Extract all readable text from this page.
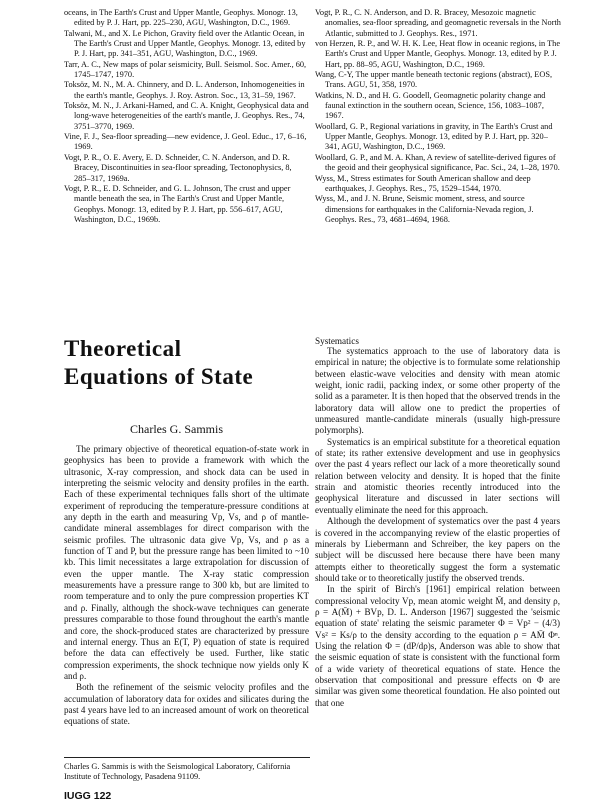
oceans, in The Earth's Crust and Upper Mantle, Geophys. Monogr. 13, edited by P. J. Hart, pp. 225–230, AGU, Washington, D.C., 1969.

Talwani, M., and X. Le Pichon, Gravity field over the Atlantic Ocean, in The Earth's Crust and Upper Mantle, Geophys. Monogr. 13, edited by P. J. Hart, pp. 341–351, AGU, Washington, D.C., 1969.

Tarr, A. C., New maps of polar seismicity, Bull. Seismol. Soc. Amer., 60, 1745–1747, 1970.

Toksöz, M. N., M. A. Chinnery, and D. L. Anderson, Inhomogeneities in the earth's mantle, Geophys. J. Roy. Astron. Soc., 13, 31–59, 1967.

Toksöz, M. N., J. Arkani-Hamed, and C. A. Knight, Geophysical data and long-wave heterogeneities of the earth's mantle, J. Geophys. Res., 74, 3751–3770, 1969.

Vine, F. J., Sea-floor spreading—new evidence, J. Geol. Educ., 17, 6–16, 1969.

Vogt, P. R., O. E. Avery, E. D. Schneider, C. N. Anderson, and D. R. Bracey, Discontinuities in sea-floor spreading, Tectonophysics, 8, 285–317, 1969a.

Vogt, P. R., E. D. Schneider, and G. L. Johnson, The crust and upper mantle beneath the sea, in The Earth's Crust and Upper Mantle, Geophys. Monogr. 13, edited by P. J. Hart, pp. 556–617, AGU, Washington, D.C., 1969b.

Vogt, P. R., C. N. Anderson, and D. R. Bracey, Mesozoic magnetic anomalies, sea-floor spreading, and geomagnetic reversals in the North Atlantic, submitted to J. Geophys. Res., 1971.

von Herzen, R. P., and W. H. K. Lee, Heat flow in oceanic regions, in The Earth's Crust and Upper Mantle, Geophys. Monogr. 13, edited by P. J. Hart, pp. 88–95, AGU, Washington, D.C., 1969.

Wang, C-Y, The upper mantle beneath tectonic regions (abstract), EOS, Trans. AGU, 51, 358, 1970.

Watkins, N. D., and H. G. Goodell, Geomagnetic polarity change and faunal extinction in the southern ocean, Science, 156, 1083–1087, 1967.

Woollard, G. P., Regional variations in gravity, in The Earth's Crust and Upper Mantle, Geophys. Monogr. 13, edited by P. J. Hart, pp. 320–341, AGU, Washington, D.C., 1969.

Woollard, G. P., and M. A. Khan, A review of satellite-derived figures of the geoid and their geophysical significance, Pac. Sci., 24, 1–28, 1970.

Wyss, M., Stress estimates for South American shallow and deep earthquakes, J. Geophys. Res., 75, 1529–1544, 1970.

Wyss, M., and J. N. Brune, Seismic moment, stress, and source dimensions for earthquakes in the California-Nevada region, J. Geophys. Res., 73, 4681–4694, 1968.

Theoretical
Equations of State
Charles G. Sammis

The primary objective of theoretical equation-of-state work in geophysics has been to provide a framework with which the ultrasonic, X-ray compression, and shock data can be used in interpreting the seismic velocity and density profiles in the earth. Each of these experimental techniques falls short of the ultimate experiment of reproducing the temperature-pressure conditions at any depth in the earth and measuring Vp, Vs, and ρ of mantle-candidate mineral assemblages for direct comparison with the seismic profiles. The ultrasonic data give Vp, Vs, and ρ as a function of T and P, but the pressure range has been limited to ~10 kb. This limit necessitates a large extrapolation for discussion of even the upper mantle. The X-ray static compression measurements have a pressure range to 300 kb, but are limited to room temperature and to only the pure compression properties KT and ρ. Finally, although the shock-wave techniques can generate pressures comparable to those found throughout the earth's mantle and core, the shock-produced states are characterized by pressure and internal energy. Thus an E(T, P) equation of state is required before the data can effectively be used. Further, like static compression experiments, the shock technique now yields only K and ρ.

Both the refinement of the seismic velocity profiles and the accumulation of laboratory data for oxides and silicates during the past 4 years have led to an increased amount of work on theoretical equations of state.

Systematics

The systematics approach to the use of laboratory data is empirical in nature; the objective is to formulate some relationship between elastic-wave velocities and density with mean atomic weight, ionic radii, packing index, or some other property of the solid as a parameter. It is then hoped that the observed trends in the laboratory data will allow one to predict the properties of unmeasured mantle-candidate minerals (usually high-pressure polymorphs).

Systematics is an empirical substitute for a theoretical equation of state; its rather extensive development and use in geophysics over the past 4 years reflect our lack of a more theoretically sound relation between velocity and density. It is hoped that the finite strain and atomistic theories recently introduced into the geophysical literature and discussed in later sections will eventually eliminate the need for this approach.

Although the development of systematics over the past 4 years is covered in the accompanying review of the elastic properties of minerals by Liebermann and Schreiber, the key papers on the subject will be discussed here because there have been many attempts either to theoretically suggest the form a systematic should take or to theoretically justify the observed trends.

In the spirit of Birch's [1961] empirical relation between compressional velocity Vp, mean atomic weight M̄, and density ρ, ρ = A(M̄) + BVp, D. L. Anderson [1967] suggested the 'seismic equation of state' relating the seismic parameter Φ = Vp² − (4/3) Vs² = Ks/ρ to the density according to the equation ρ = AM̄ Φⁿ. Using the relation Φ = (dP/dρ)s, Anderson was able to show that the seismic equation of state is consistent with the functional form of a wide variety of theoretical equations of state. Hence the observation that compositional and pressure effects on Φ are similar was given some theoretical foundation. He also pointed out that one

Charles G. Sammis is with the Seismological Laboratory, California Institute of Technology, Pasadena 91109.
IUGG 122
